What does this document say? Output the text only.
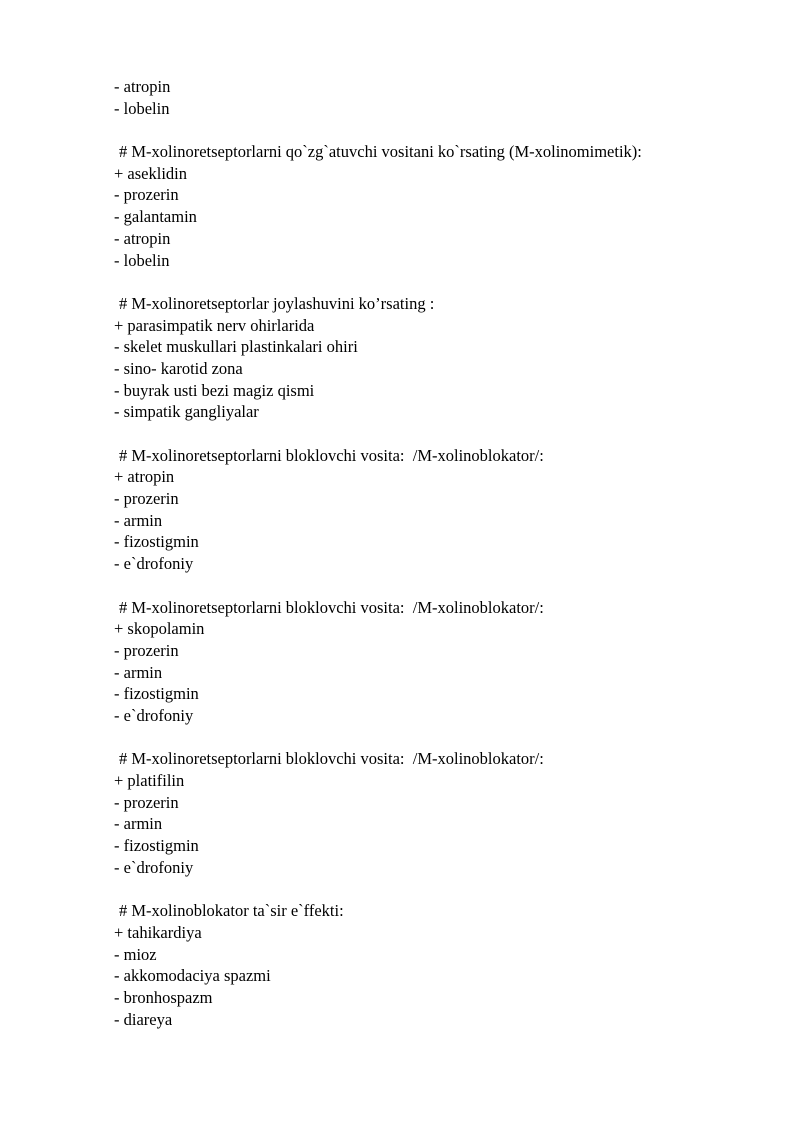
- atropin
- lobelin
# M-xolinoretseptorlarni qo`zg`atuvchi vositani ko`rsating (M-xolinomimetik):
+ aseklidin
- prozerin
- galantamin
- atropin
- lobelin
# M-xolinoretseptorlar joylashuvini ko’rsating :
+ parasimpatik nerv ohirlarida
- skelet muskullari plastinkalari ohiri
- sino- karotid zona
- buyrak usti bezi magiz qismi
- simpatik gangliyalar
# M-xolinoretseptorlarni bloklovchi vosita:  /M-xolinoblokator/:
+ atropin
- prozerin
- armin
- fizostigmin
- e`drofoniy
# M-xolinoretseptorlarni bloklovchi vosita:  /M-xolinoblokator/:
+ skopolamin
- prozerin
- armin
- fizostigmin
- e`drofoniy
# M-xolinoretseptorlarni bloklovchi vosita:  /M-xolinoblokator/:
+ platifilin
- prozerin
- armin
- fizostigmin
- e`drofoniy
# M-xolinoblokator ta`sir e`ffekti:
+ tahikardiya
- mioz
- akkomodaciya spazmi
- bronhospazm
- diareya
